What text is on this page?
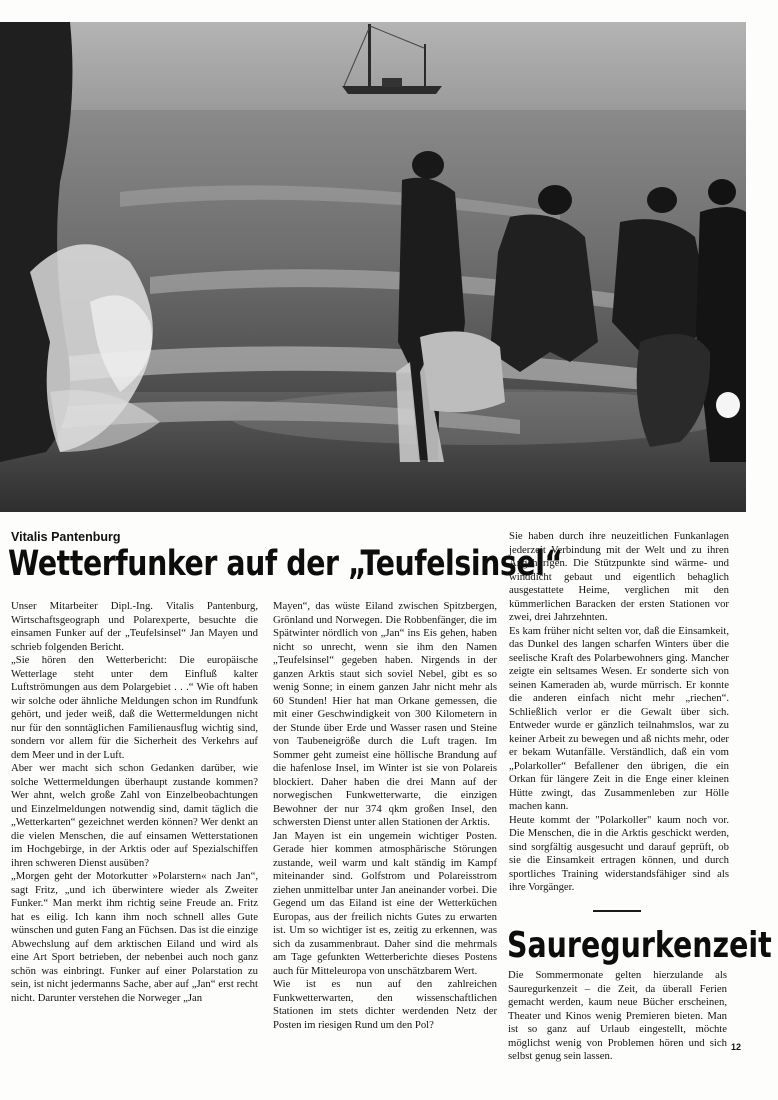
Vitalis Pantenburg
Wetterfunker auf der „Teufelsinsel“

Unser Mitarbeiter Dipl.-Ing. Vitalis Pantenburg, Wirtschaftsgeograph und Polarexperte, besuchte die einsamen Funker auf der „Teufelsinsel“ Jan Mayen und schrieb folgenden Bericht.

„Sie hören den Wetterbericht: Die europäische Wetterlage steht unter dem Einfluß kalter Luftströmungen aus dem Polargebiet . . .“ Wie oft haben wir solche oder ähnliche Meldungen schon im Rundfunk gehört, und jeder weiß, daß die Wettermeldungen nicht nur für den sonntäglichen Familienausflug wichtig sind, sondern vor allem für die Sicherheit des Verkehrs auf dem Meer und in der Luft.

Aber wer macht sich schon Gedanken darüber, wie solche Wettermeldungen überhaupt zustande kommen? Wer ahnt, welch große Zahl von Einzelbeobachtungen und Einzelmeldungen notwendig sind, damit täglich die „Wetterkarten“ gezeichnet werden können? Wer denkt an die vielen Menschen, die auf einsamen Wetterstationen im Hochgebirge, in der Arktis oder auf Spezialschiffen ihren schweren Dienst ausüben?

„Morgen geht der Motorkutter »Polarstern« nach Jan“, sagt Fritz, „und ich überwintere wieder als Zweiter Funker.“ Man merkt ihm richtig seine Freude an. Fritz hat es eilig. Ich kann ihm noch schnell alles Gute wünschen und guten Fang an Füchsen. Das ist die einzige Abwechslung auf dem arktischen Eiland und wird als eine Art Sport betrieben, der nebenbei auch noch ganz schön was einbringt. Funker auf einer Polarstation zu sein, ist nicht jedermanns Sache, aber auf „Jan“ erst recht nicht. Darunter verstehen die Norweger „Jan

Mayen“, das wüste Eiland zwischen Spitzbergen, Grönland und Norwegen. Die Robbenfänger, die im Spätwinter nördlich von „Jan“ ins Eis gehen, haben nicht so unrecht, wenn sie ihm den Namen „Teufelsinsel“ gegeben haben. Nirgends in der ganzen Arktis staut sich soviel Nebel, gibt es so wenig Sonne; in einem ganzen Jahr nicht mehr als 60 Stunden! Hier hat man Orkane gemessen, die mit einer Geschwindigkeit von 300 Kilometern in der Stunde über Erde und Wasser rasen und Steine von Taubeneigröße durch die Luft tragen. Im Sommer geht zumeist eine höllische Brandung auf die hafenlose Insel, im Winter ist sie von Polareis blockiert. Daher haben die drei Mann auf der norwegischen Funkwetterwarte, die einzigen Bewohner der nur 374 qkm großen Insel, den schwersten Dienst unter allen Stationen der Arktis.

Jan Mayen ist ein ungemein wichtiger Posten. Gerade hier kommen atmosphärische Störungen zustande, weil warm und kalt ständig im Kampf miteinander sind. Golfstrom und Polareisstrom ziehen unmittelbar unter Jan aneinander vorbei. Die Gegend um das Eiland ist eine der Wetterküchen Europas, aus der freilich nichts Gutes zu erwarten ist. Um so wichtiger ist es, zeitig zu erkennen, was sich da zusammenbraut. Daher sind die mehrmals am Tage gefunkten Wetterberichte dieses Postens auch für Mitteleuropa von unschätzbarem Wert.

Wie ist es nun auf den zahlreichen Funkwetterwarten, den wissenschaftlichen Stationen im stets dichter werdenden Netz der Posten im riesigen Rund um den Pol?

Sie haben durch ihre neuzeitlichen Funkanlagen jederzeit Verbindung mit der Welt und zu ihren Angehörigen. Die Stützpunkte sind wärme- und winddicht gebaut und eigentlich behaglich ausgestattete Heime, verglichen mit den kümmerlichen Baracken der ersten Stationen vor zwei, drei Jahrzehnten.

Es kam früher nicht selten vor, daß die Einsamkeit, das Dunkel des langen scharfen Winters über die seelische Kraft des Polarbewohners ging. Mancher zeigte ein seltsames Wesen. Er sonderte sich von seinen Kameraden ab, wurde mürrisch. Er konnte die anderen einfach nicht mehr „riechen“. Schließlich verlor er die Gewalt über sich. Entweder wurde er gänzlich teilnahmslos, war zu keiner Arbeit zu bewegen und aß nichts mehr, oder er bekam Wutanfälle. Verständlich, daß ein vom „Polarkoller“ Befallener den übrigen, die ein Orkan für längere Zeit in die Enge einer kleinen Hütte zwingt, das Zusammenleben zur Hölle machen kann.

Heute kommt der "Polarkoller" kaum noch vor. Die Menschen, die in die Arktis geschickt werden, sind sorgfältig ausgesucht und darauf geprüft, ob sie die Einsamkeit ertragen können, und durch sportliches Training widerstandsfähiger sind als ihre Vorgänger.

Sauregurkenzeit

Die Sommermonate gelten hierzulande als Sauregurkenzeit – die Zeit, da überall Ferien gemacht werden, kaum neue Bücher erscheinen, Theater und Kinos wenig Premieren bieten. Man ist so ganz auf Urlaub eingestellt, möchte möglichst wenig von Problemen hören und sich selbst genug sein lassen.

12
